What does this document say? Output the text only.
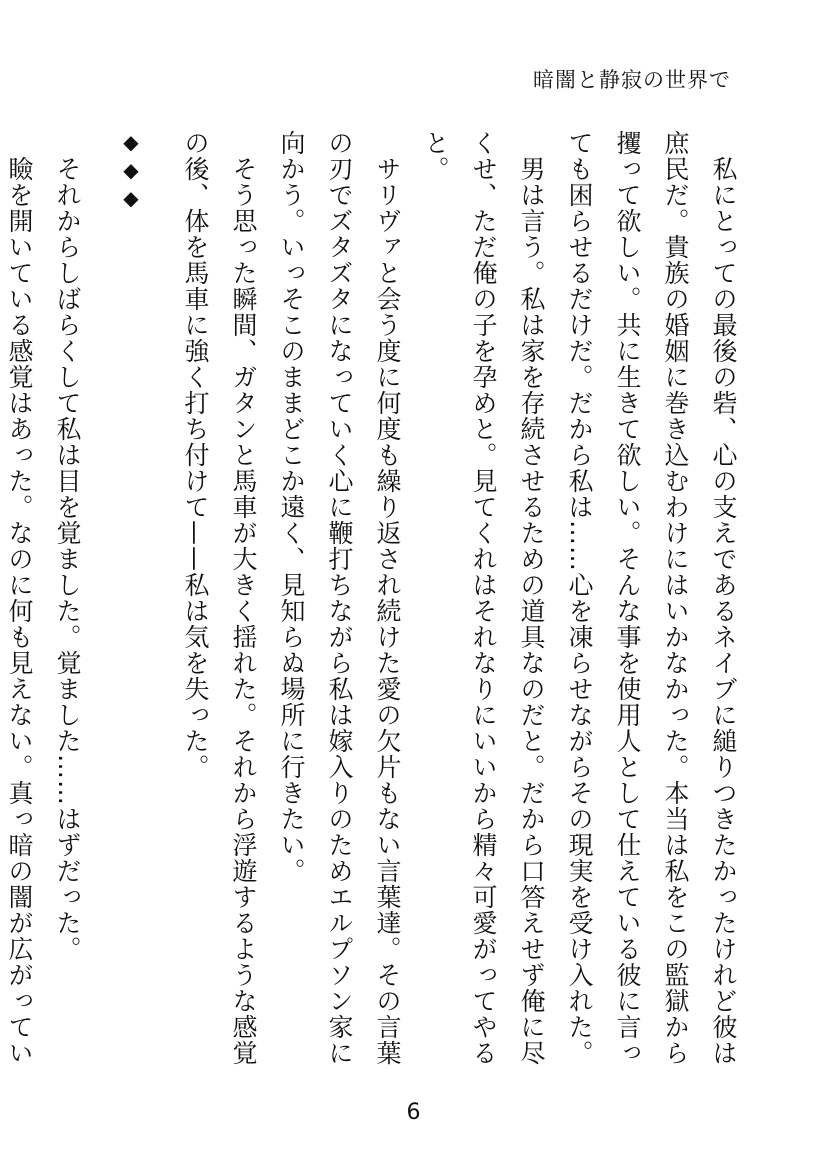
暗闇と静寂の世界で

　私にとっての最後の砦、心の支えであるネイブに縋りつきたかったけれど彼は庶民だ。貴族の婚姻に巻き込むわけにはいかなかった。本当は私をこの監獄から攫って欲しい。共に生きて欲しい。そんな事を使用人として仕えている彼に言っても困らせるだけだ。だから私は……心を凍らせながらその現実を受け入れた。

　男は言う。私は家を存続させるための道具なのだと。だから口答えせず俺に尽くせ、ただ俺の子を孕めと。見てくれはそれなりにいいから精々可愛がってやると。

　サリヴァと会う度に何度も繰り返され続けた愛の欠片もない言葉達。その言葉の刃でズタズタになっていく心に鞭打ちながら私は嫁入りのためエルプソン家に向かう。いっそこのままどこか遠く、見知らぬ場所に行きたい。

　そう思った瞬間、ガタンと馬車が大きく揺れた。それから浮遊するような感覚の後、体を馬車に強く打ち付けて——私は気を失った。

◆◆◆

　それからしばらくして私は目を覚ました。覚ました……はずだった。

　瞼を開いている感覚はあった。なのに何も見えない。真っ暗の闇が広がってい

6
